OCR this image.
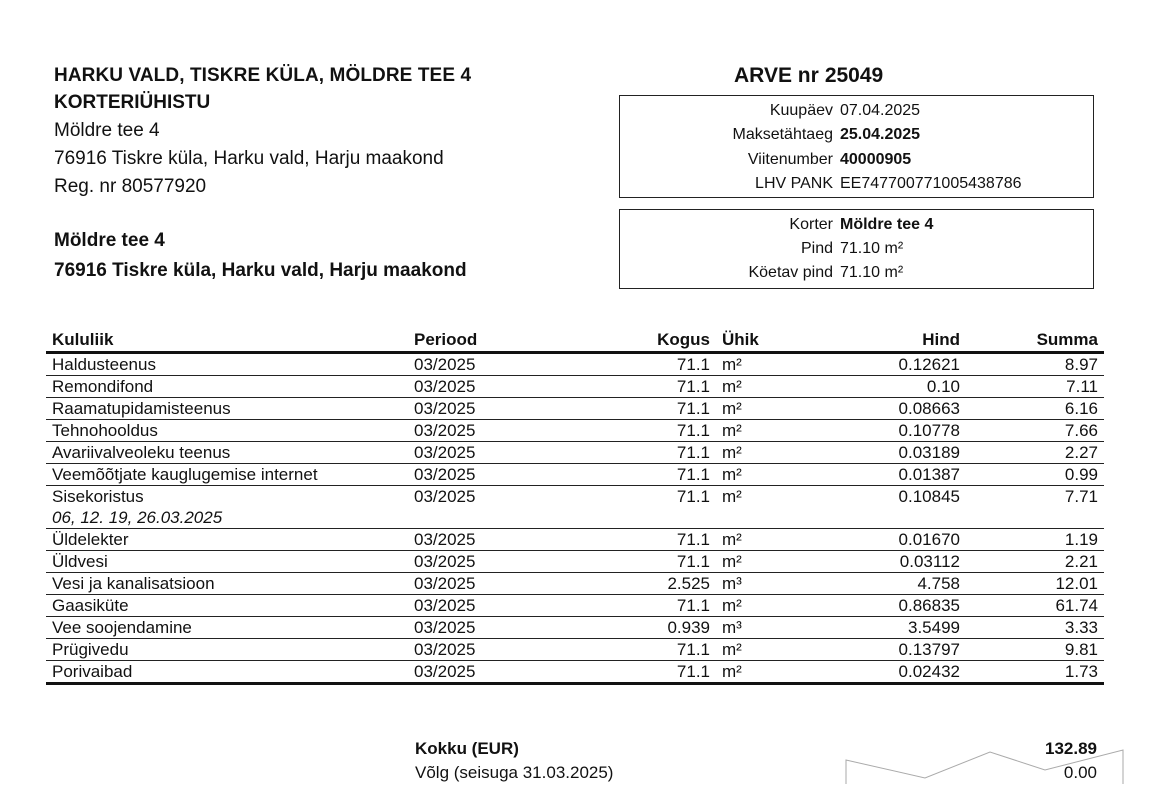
HARKU VALD, TISKRE KÜLA, MÖLDRE TEE 4
KORTERIÜHISTU
Möldre tee 4
76916 Tiskre küla, Harku vald, Harju maakond
Reg. nr 80577920
Möldre tee 4
76916 Tiskre küla, Harku vald, Harju maakond
ARVE nr 25049
Kuupäev 07.04.2025
Maksetähtaeg 25.04.2025
Viitenumber 40000905
LHV PANK EE747700771005438786
Korter Möldre tee 4
Pind 71.10 m²
Köetav pind 71.10 m²
Kululiik	Periood	Kogus	Ühik	Hind	Summa
Haldusteenus	03/2025	71.1	m²	0.12621	8.97
Remondifond	03/2025	71.1	m²	0.10	7.11
Raamatupidamisteenus	03/2025	71.1	m²	0.08663	6.16
Tehnohooldus	03/2025	71.1	m²	0.10778	7.66
Avariivalveoleku teenus	03/2025	71.1	m²	0.03189	2.27
Veemõõtjate kauglugemise internet	03/2025	71.1	m²	0.01387	0.99
Sisekoristus	03/2025	71.1	m²	0.10845	7.71
06, 12. 19, 26.03.2025					
Üldelekter	03/2025	71.1	m²	0.01670	1.19
Üldvesi	03/2025	71.1	m²	0.03112	2.21
Vesi ja kanalisatsioon	03/2025	2.525	m³	4.758	12.01
Gaasiküte	03/2025	71.1	m²	0.86835	61.74
Vee soojendamine	03/2025	0.939	m³	3.5499	3.33
Prügivedu	03/2025	71.1	m²	0.13797	9.81
Porivaibad	03/2025	71.1	m²	0.02432	1.73
Kokku (EUR)	132.89
Võlg (seisuga 31.03.2025)	0.00
